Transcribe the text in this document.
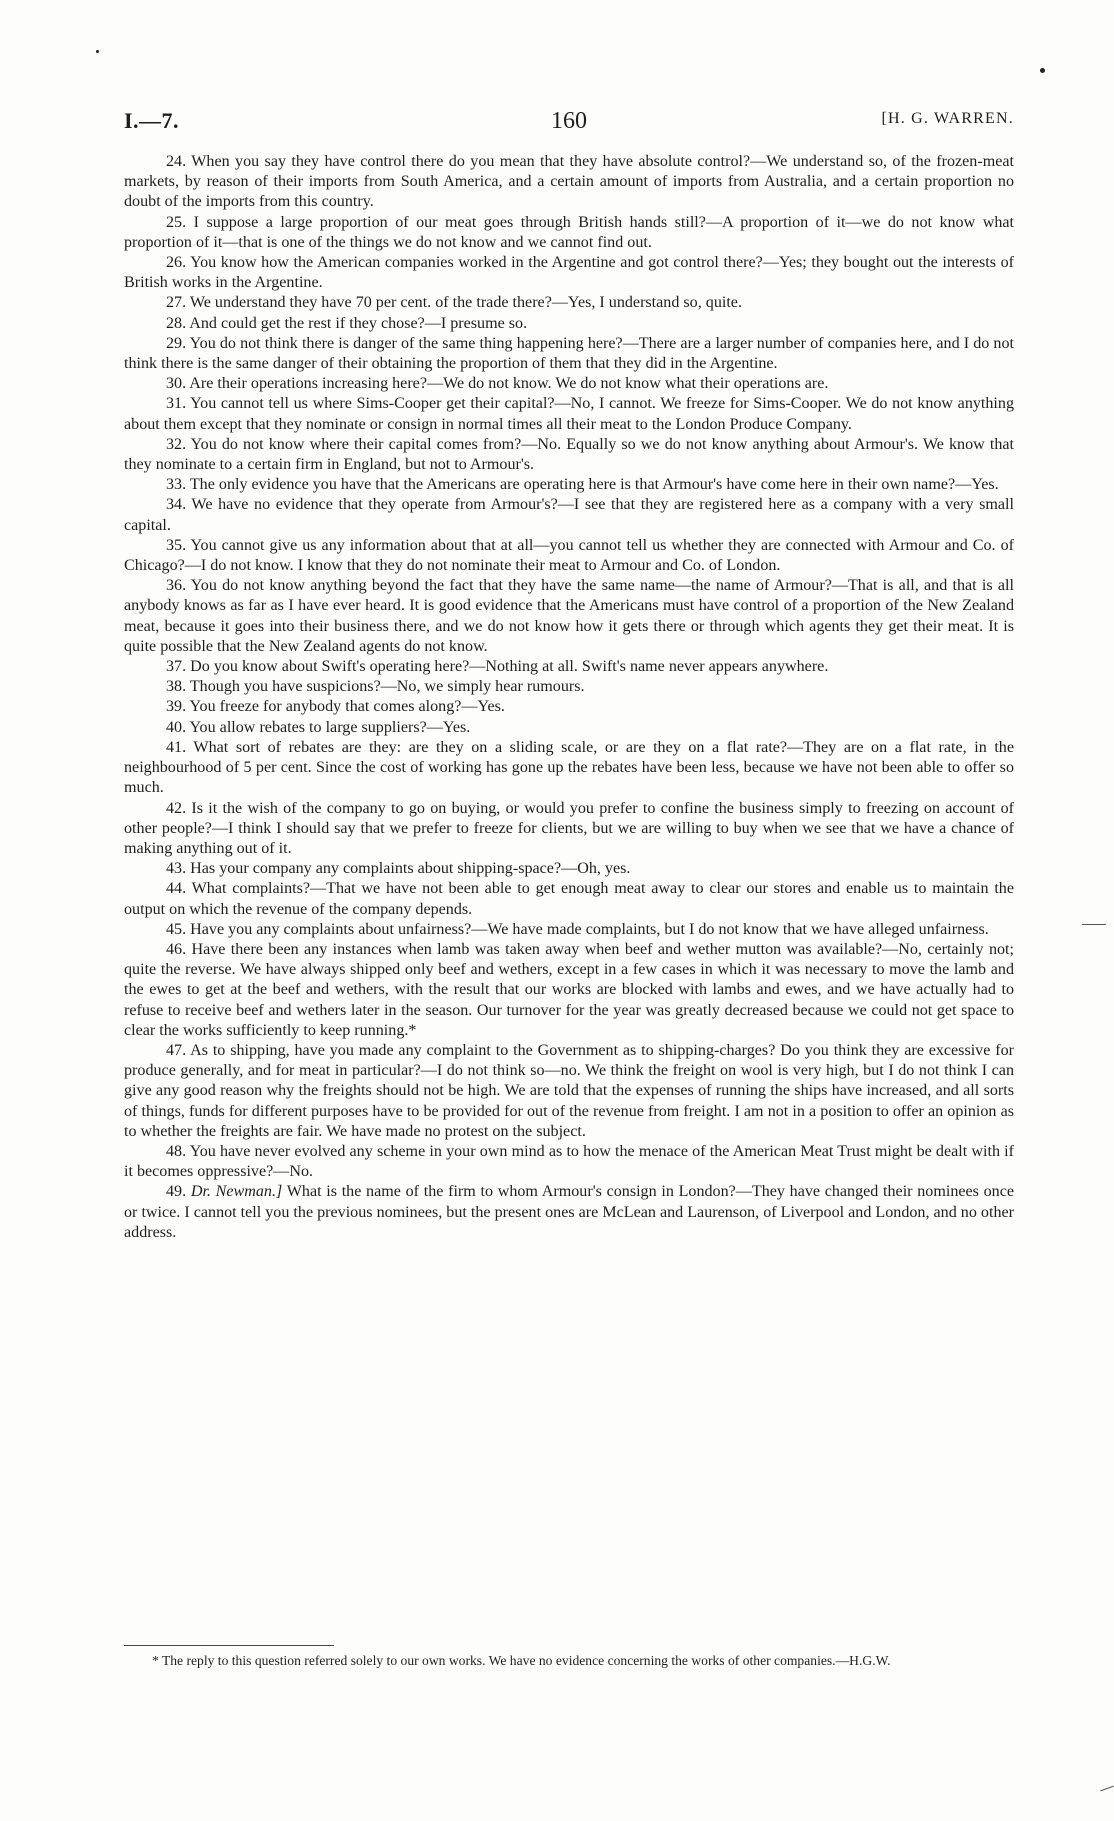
I.—7.	160	[H. G. WARREN.

24. When you say they have control there do you mean that they have absolute control?—We understand so, of the frozen-meat markets, by reason of their imports from South America, and a certain amount of imports from Australia, and a certain proportion no doubt of the imports from this country.

25. I suppose a large proportion of our meat goes through British hands still?—A proportion of it—we do not know what proportion of it—that is one of the things we do not know and we cannot find out.

26. You know how the American companies worked in the Argentine and got control there?—Yes; they bought out the interests of British works in the Argentine.

27. We understand they have 70 per cent. of the trade there?—Yes, I understand so, quite.

28. And could get the rest if they chose?—I presume so.

29. You do not think there is danger of the same thing happening here?—There are a larger number of companies here, and I do not think there is the same danger of their obtaining the proportion of them that they did in the Argentine.

30. Are their operations increasing here?—We do not know. We do not know what their operations are.

31. You cannot tell us where Sims-Cooper get their capital?—No, I cannot. We freeze for Sims-Cooper. We do not know anything about them except that they nominate or consign in normal times all their meat to the London Produce Company.

32. You do not know where their capital comes from?—No. Equally so we do not know anything about Armour's. We know that they nominate to a certain firm in England, but not to Armour's.

33. The only evidence you have that the Americans are operating here is that Armour's have come here in their own name?—Yes.

34. We have no evidence that they operate from Armour's?—I see that they are registered here as a company with a very small capital.

35. You cannot give us any information about that at all—you cannot tell us whether they are connected with Armour and Co. of Chicago?—I do not know. I know that they do not nominate their meat to Armour and Co. of London.

36. You do not know anything beyond the fact that they have the same name—the name of Armour?—That is all, and that is all anybody knows as far as I have ever heard. It is good evidence that the Americans must have control of a proportion of the New Zealand meat, because it goes into their business there, and we do not know how it gets there or through which agents they get their meat. It is quite possible that the New Zealand agents do not know.

37. Do you know about Swift's operating here?—Nothing at all. Swift's name never appears anywhere.

38. Though you have suspicions?—No, we simply hear rumours.

39. You freeze for anybody that comes along?—Yes.

40. You allow rebates to large suppliers?—Yes.

41. What sort of rebates are they: are they on a sliding scale, or are they on a flat rate?—They are on a flat rate, in the neighbourhood of 5 per cent. Since the cost of working has gone up the rebates have been less, because we have not been able to offer so much.

42. Is it the wish of the company to go on buying, or would you prefer to confine the business simply to freezing on account of other people?—I think I should say that we prefer to freeze for clients, but we are willing to buy when we see that we have a chance of making anything out of it.

43. Has your company any complaints about shipping-space?—Oh, yes.

44. What complaints?—That we have not been able to get enough meat away to clear our stores and enable us to maintain the output on which the revenue of the company depends.

45. Have you any complaints about unfairness?—We have made complaints, but I do not know that we have alleged unfairness.

46. Have there been any instances when lamb was taken away when beef and wether mutton was available?—No, certainly not; quite the reverse. We have always shipped only beef and wethers, except in a few cases in which it was necessary to move the lamb and the ewes to get at the beef and wethers, with the result that our works are blocked with lambs and ewes, and we have actually had to refuse to receive beef and wethers later in the season. Our turnover for the year was greatly decreased because we could not get space to clear the works sufficiently to keep running.*

47. As to shipping, have you made any complaint to the Government as to shipping-charges? Do you think they are excessive for produce generally, and for meat in particular?—I do not think so—no. We think the freight on wool is very high, but I do not think I can give any good reason why the freights should not be high. We are told that the expenses of running the ships have increased, and all sorts of things, funds for different purposes have to be provided for out of the revenue from freight. I am not in a position to offer an opinion as to whether the freights are fair. We have made no protest on the subject.

48. You have never evolved any scheme in your own mind as to how the menace of the American Meat Trust might be dealt with if it becomes oppressive?—No.

49. Dr. Newman.] What is the name of the firm to whom Armour's consign in London?—They have changed their nominees once or twice. I cannot tell you the previous nominees, but the present ones are McLean and Laurenson, of Liverpool and London, and no other address.

* The reply to this question referred solely to our own works. We have no evidence concerning the works of other companies.—H.G.W.
